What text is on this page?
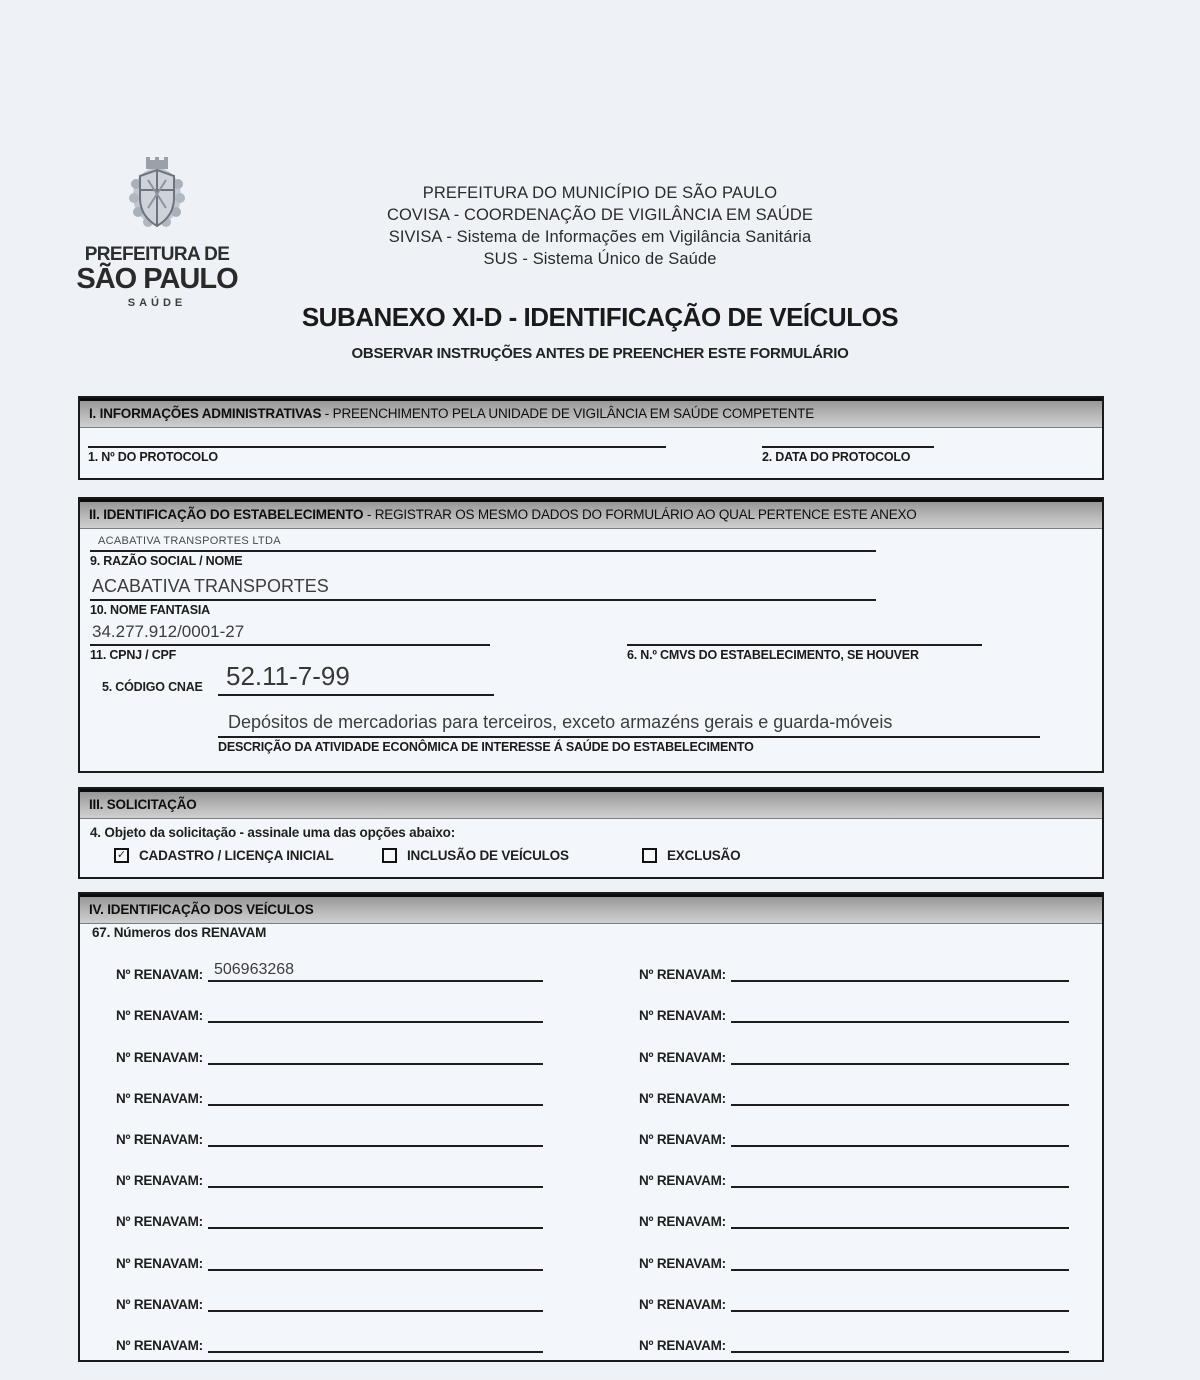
PREFEITURA DE
SÃO PAULO
SAÚDE
PREFEITURA DO MUNICÍPIO DE SÃO PAULO
COVISA - COORDENAÇÃO DE VIGILÂNCIA EM SAÚDE
SIVISA - Sistema de Informações em Vigilância Sanitária
SUS - Sistema Único de Saúde
SUBANEXO XI-D - IDENTIFICAÇÃO DE VEÍCULOS
OBSERVAR INSTRUÇÕES ANTES DE PREENCHER ESTE FORMULÁRIO
I. INFORMAÇÕES ADMINISTRATIVAS - PREENCHIMENTO PELA UNIDADE DE VIGILÂNCIA EM SAÚDE COMPETENTE
1. Nº DO PROTOCOLO	2. DATA DO PROTOCOLO
II. IDENTIFICAÇÃO DO ESTABELECIMENTO - REGISTRAR OS MESMO DADOS DO FORMULÁRIO AO QUAL PERTENCE ESTE ANEXO
ACABATIVA TRANSPORTES LTDA
9. RAZÃO SOCIAL / NOME
ACABATIVA TRANSPORTES
10. NOME FANTASIA
34.277.912/0001-27
11. CPNJ / CPF	6. N.º CMVS DO ESTABELECIMENTO, SE HOUVER
5. CÓDIGO CNAE 52.11-7-99
Depósitos de mercadorias para terceiros, exceto armazéns gerais e guarda-móveis
DESCRIÇÃO DA ATIVIDADE ECONÔMICA DE INTERESSE Á SAÚDE DO ESTABELECIMENTO
III. SOLICITAÇÃO
4. Objeto da solicitação - assinale uma das opções abaixo:
✓ CADASTRO / LICENÇA INICIAL	INCLUSÃO DE VEÍCULOS	EXCLUSÃO
IV. IDENTIFICAÇÃO DOS VEÍCULOS
67. Números dos RENAVAM
Nº RENAVAM: 506963268	Nº RENAVAM:
Nº RENAVAM:	Nº RENAVAM:
Nº RENAVAM:	Nº RENAVAM:
Nº RENAVAM:	Nº RENAVAM:
Nº RENAVAM:	Nº RENAVAM:
Nº RENAVAM:	Nº RENAVAM:
Nº RENAVAM:	Nº RENAVAM:
Nº RENAVAM:	Nº RENAVAM:
Nº RENAVAM:	Nº RENAVAM:
Nº RENAVAM:	Nº RENAVAM:
